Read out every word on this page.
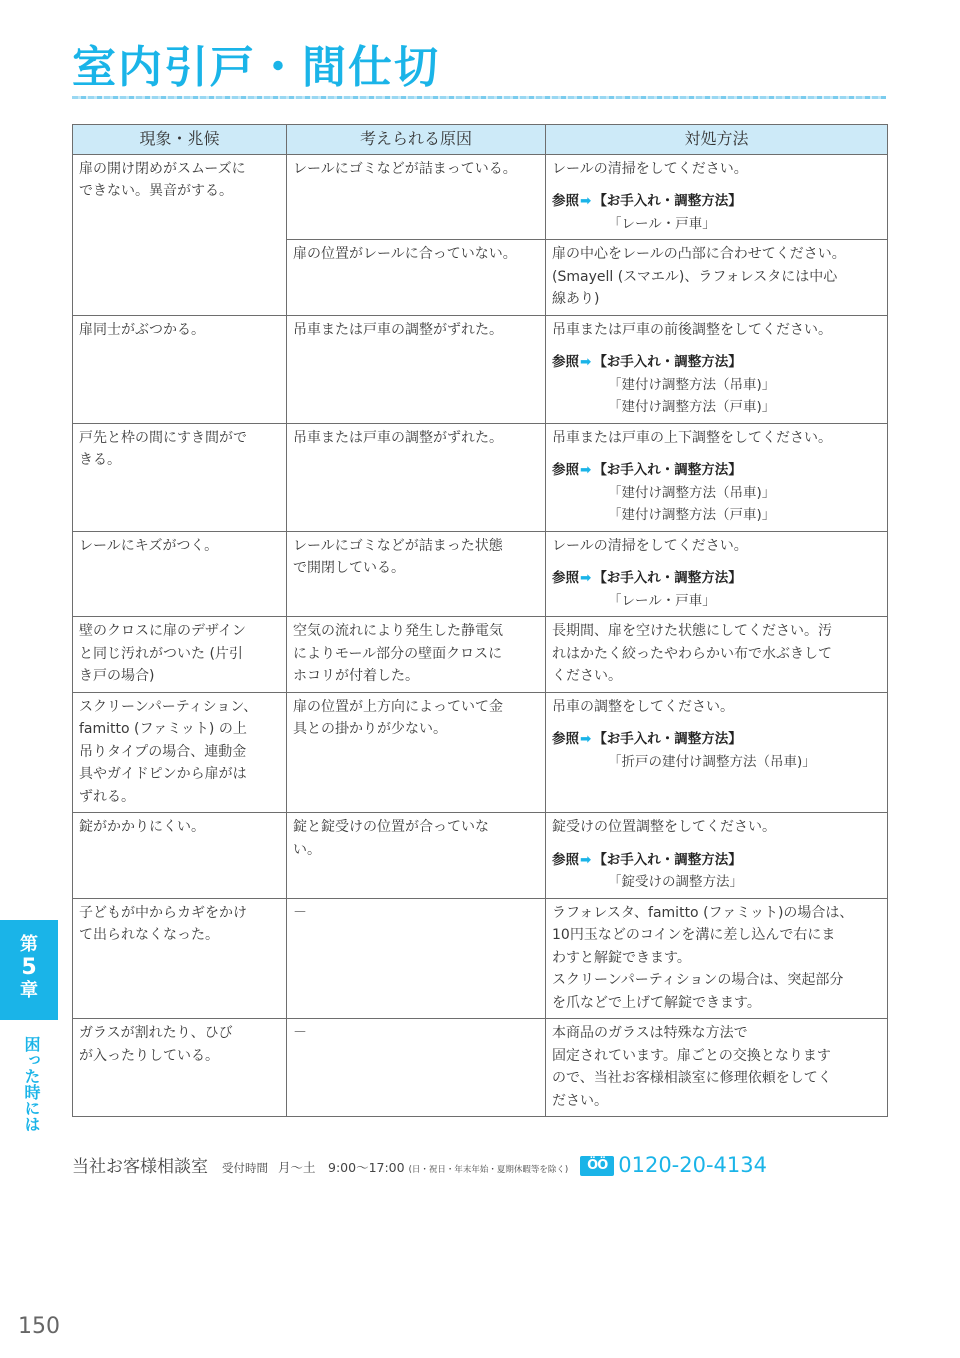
室内引戸・間仕切
現象・兆候	考えられる原因	対処方法

扉の開け閉めがスムーズに
できない。異音がする。	レールにゴミなどが詰まっている。	レールの清掃をしてください。
参照➡ 【お手入れ・調整方法】
「レール・戸車」

	扉の位置がレールに合っていない。	扉の中心をレールの凸部に合わせてください。
(Smayell (スマエル)、ラフォレスタには中心
線あり)

扉同士がぶつかる。	吊車または戸車の調整がずれた。	吊車または戸車の前後調整をしてください。
参照➡ 【お手入れ・調整方法】
「建付け調整方法（吊車)」
「建付け調整方法（戸車)」

戸先と枠の間にすき間がで
きる。	吊車または戸車の調整がずれた。	吊車または戸車の上下調整をしてください。
参照➡ 【お手入れ・調整方法】
「建付け調整方法（吊車)」
「建付け調整方法（戸車)」

レールにキズがつく。	レールにゴミなどが詰まった状態
で開閉している。	レールの清掃をしてください。
参照➡ 【お手入れ・調整方法】
「レール・戸車」

壁のクロスに扉のデザイン
と同じ汚れがついた (片引
き戸の場合)	空気の流れにより発生した静電気
によりモール部分の壁面クロスに
ホコリが付着した。	長期間、扉を空けた状態にしてください。汚
れはかたく絞ったやわらかい布で水ぶきして
ください。

スクリーンパーティション、
famitto (ファミット) の上
吊りタイプの場合、連動金
具やガイドピンから扉がは
ずれる。	扉の位置が上方向によっていて金
具との掛かりが少ない。	吊車の調整をしてください。
参照➡ 【お手入れ・調整方法】
「折戸の建付け調整方法（吊車)」

錠がかかりにくい。	錠と錠受けの位置が合っていな
い。	錠受けの位置調整をしてください。
参照➡ 【お手入れ・調整方法】
「錠受けの調整方法」

子どもが中からカギをかけ
て出られなくなった。	－	ラフォレスタ、famitto (ファミット)の場合は、
10円玉などのコインを溝に差し込んで右にま
わすと解錠できます。
スクリーンパーティションの場合は、突起部分
を爪などで上げて解錠できます。

ガラスが割れたり、ひび
が入ったりしている。	－	本商品のガラスは特殊な方法で
固定されています。扉ごとの交換となります
ので、当社お客様相談室に修理依頼をしてく
ださい。
第
5
章
困った時には
当社お客様相談室 受付時間 月～土　9:00～17:00 (日・祝日・年末年始・夏期休暇等を除く)	ÖÖ 0120-20-4134
150
